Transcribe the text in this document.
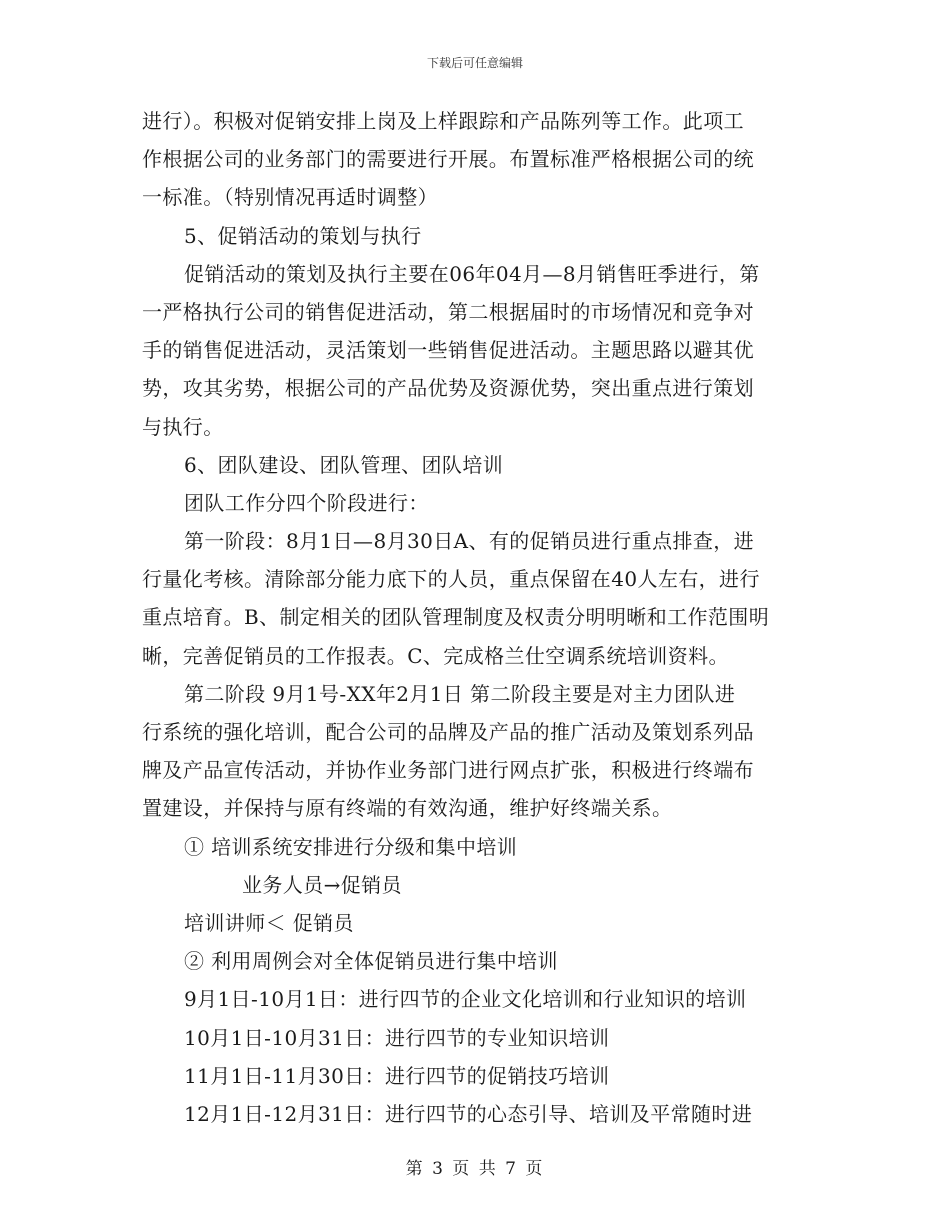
下载后可任意编辑
进行）。积极对促销安排上岗及上样跟踪和产品陈列等工作。此项工
作根据公司的业务部门的需要进行开展。布置标准严格根据公司的统
一标准。（特别情况再适时调整）
5、促销活动的策划与执行
促销活动的策划及执行主要在06年04月—8月销售旺季进行，第
一严格执行公司的销售促进活动，第二根据届时的市场情况和竞争对
手的销售促进活动，灵活策划一些销售促进活动。主题思路以避其优
势，攻其劣势，根据公司的产品优势及资源优势，突出重点进行策划
与执行。
6、团队建设、团队管理、团队培训
团队工作分四个阶段进行：
第一阶段：8月1日—8月30日A、有的促销员进行重点排查，进
行量化考核。清除部分能力底下的人员，重点保留在40人左右，进行
重点培育。B、制定相关的团队管理制度及权责分明明晰和工作范围明
晰，完善促销员的工作报表。C、完成格兰仕空调系统培训资料。
第二阶段 9月1号-XX年2月1日 第二阶段主要是对主力团队进
行系统的强化培训，配合公司的品牌及产品的推广活动及策划系列品
牌及产品宣传活动，并协作业务部门进行网点扩张，积极进行终端布
置建设，并保持与原有终端的有效沟通，维护好终端关系。
① 培训系统安排进行分级和集中培训
业务人员→促销员
培训讲师＜ 促销员
② 利用周例会对全体促销员进行集中培训
9月1日-10月1日：进行四节的企业文化培训和行业知识的培训
10月1日-10月31日：进行四节的专业知识培训
11月1日-11月30日：进行四节的促销技巧培训
12月1日-12月31日：进行四节的心态引导、培训及平常随时进
第 3 页 共 7 页
